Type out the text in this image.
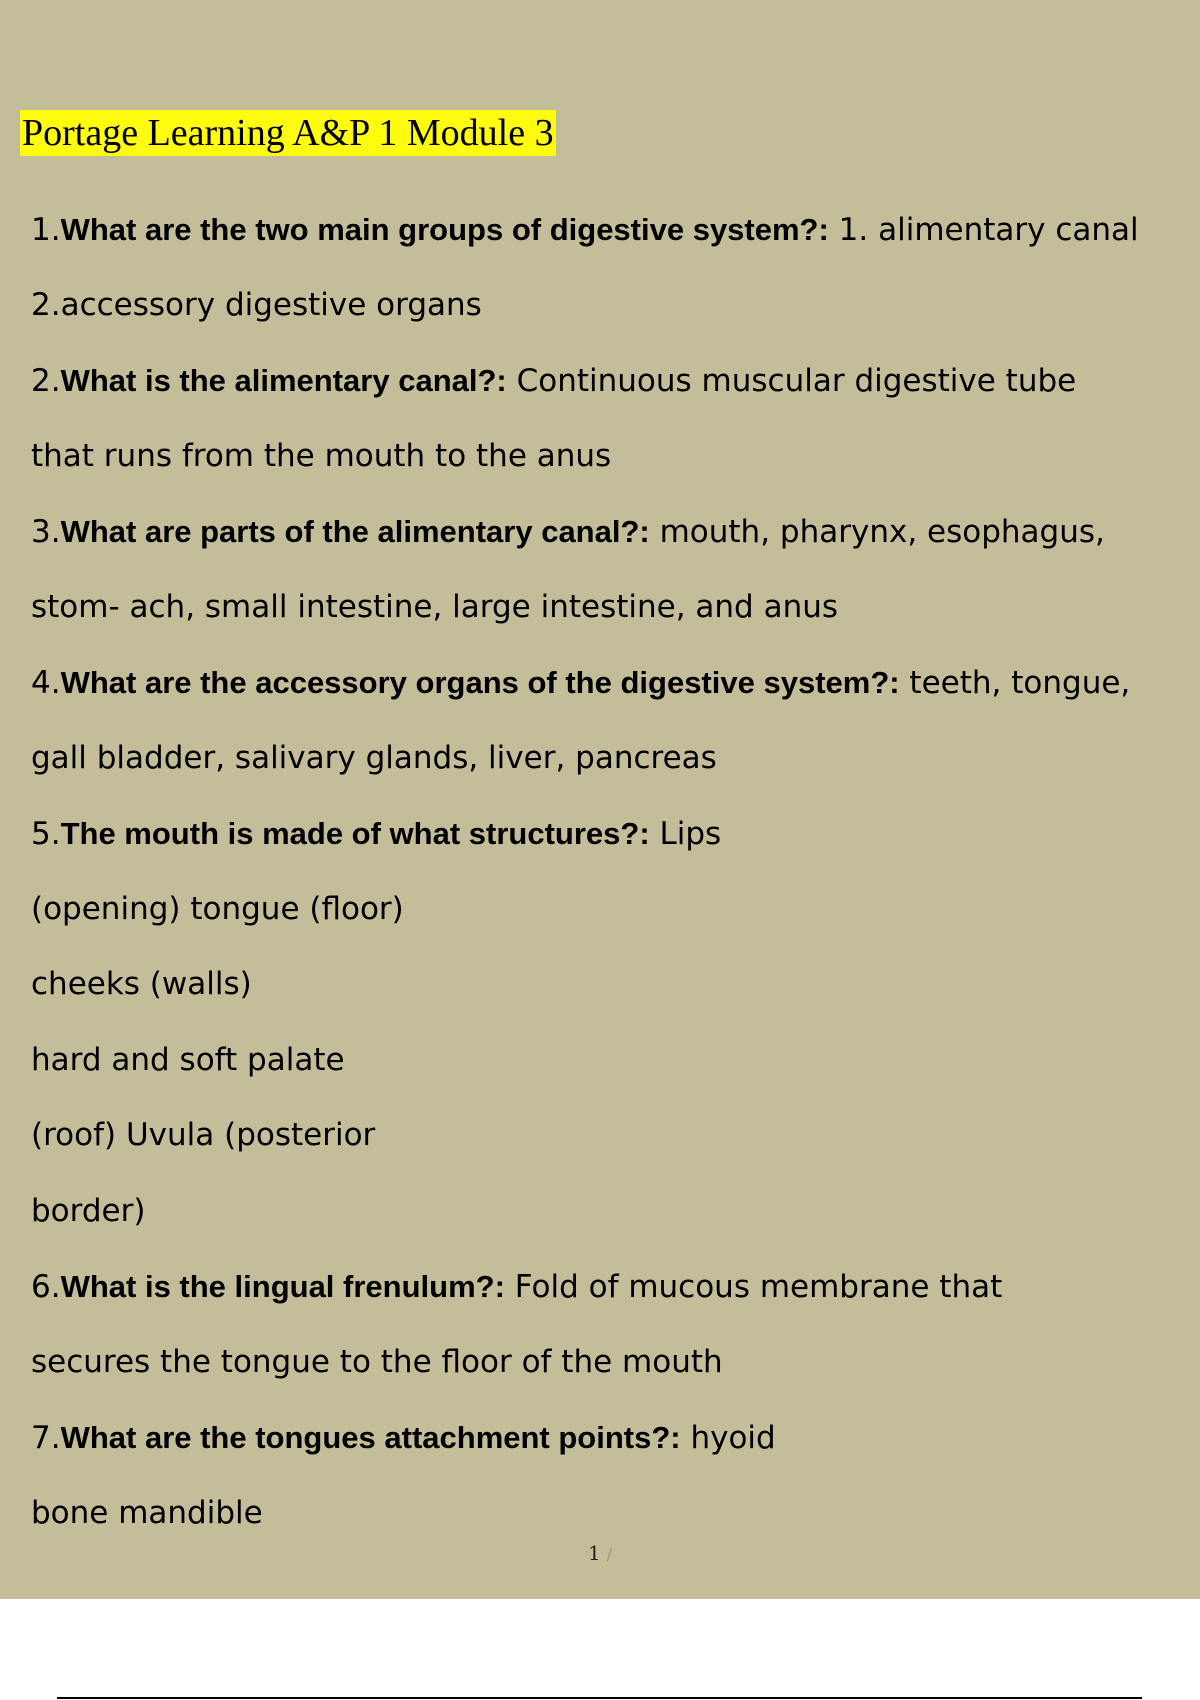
Portage Learning A&P 1 Module 3
1.What are the two main groups of digestive system?: 1. alimentary canal
2.accessory digestive organs
2.What is the alimentary canal?: Continuous muscular digestive tube
that runs from the mouth to the anus
3.What are parts of the alimentary canal?: mouth, pharynx, esophagus,
stom- ach, small intestine, large intestine, and anus
4.What are the accessory organs of the digestive system?: teeth, tongue,
gall bladder, salivary glands, liver, pancreas
5.The mouth is made of what structures?: Lips
(opening) tongue (floor)
cheeks (walls)
hard and soft palate
(roof) Uvula (posterior
border)
6.What is the lingual frenulum?: Fold of mucous membrane that
secures the tongue to the floor of the mouth
7.What are the tongues attachment points?: hyoid
bone mandible
1 /
